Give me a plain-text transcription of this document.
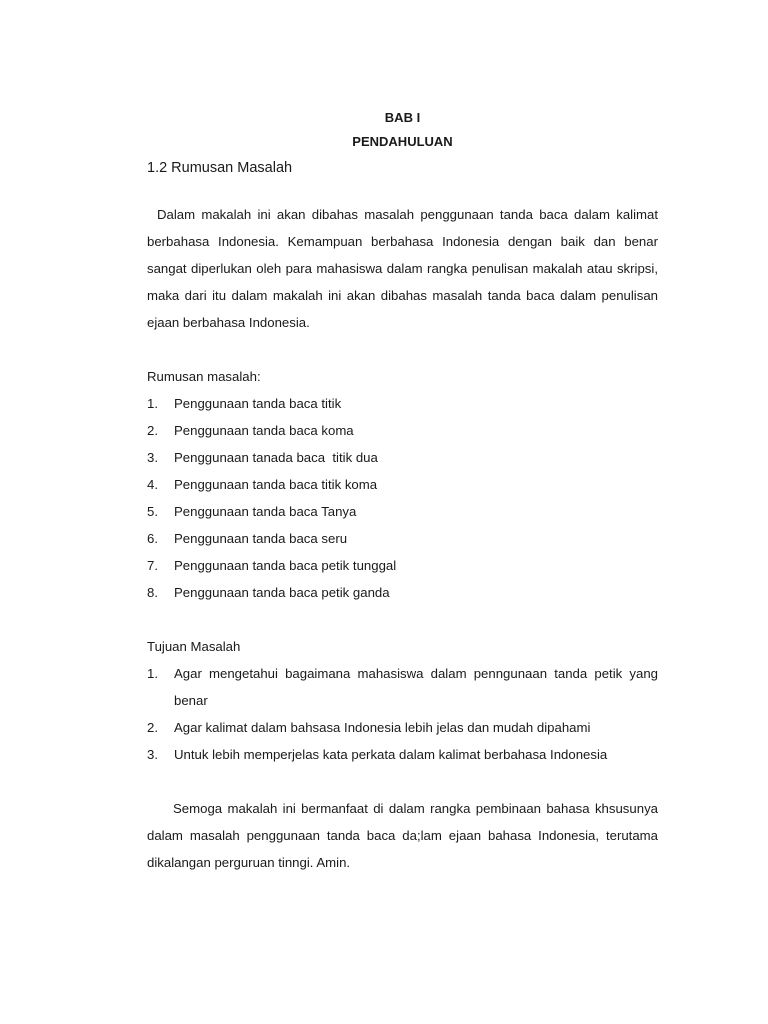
BAB I
PENDAHULUAN
1.2 Rumusan Masalah

Dalam makalah ini akan dibahas masalah penggunaan tanda baca dalam kalimat berbahasa Indonesia. Kemampuan berbahasa Indonesia dengan baik dan benar sangat diperlukan oleh para mahasiswa dalam rangka penulisan makalah atau skripsi, maka dari itu dalam makalah ini akan dibahas masalah tanda baca dalam penulisan ejaan berbahasa Indonesia.

Rumusan masalah:
1.	Penggunaan tanda baca titik
2.	Penggunaan tanda baca koma
3.	Penggunaan tanada baca  titik dua
4.	Penggunaan tanda baca titik koma
5.	Penggunaan tanda baca Tanya
6.	Penggunaan tanda baca seru
7.	Penggunaan tanda baca petik tunggal
8.	Penggunaan tanda baca petik ganda
Tujuan Masalah
1.	Agar mengetahui bagaimana mahasiswa dalam penngunaan tanda petik yang benar
2.	Agar kalimat dalam bahsasa Indonesia lebih jelas dan mudah dipahami
3.	Untuk lebih memperjelas kata perkata dalam kalimat berbahasa Indonesia

Semoga makalah ini bermanfaat di dalam rangka pembinaan bahasa khsusunya dalam masalah penggunaan tanda baca da;lam ejaan bahasa Indonesia, terutama dikalangan perguruan tinngi. Amin.
